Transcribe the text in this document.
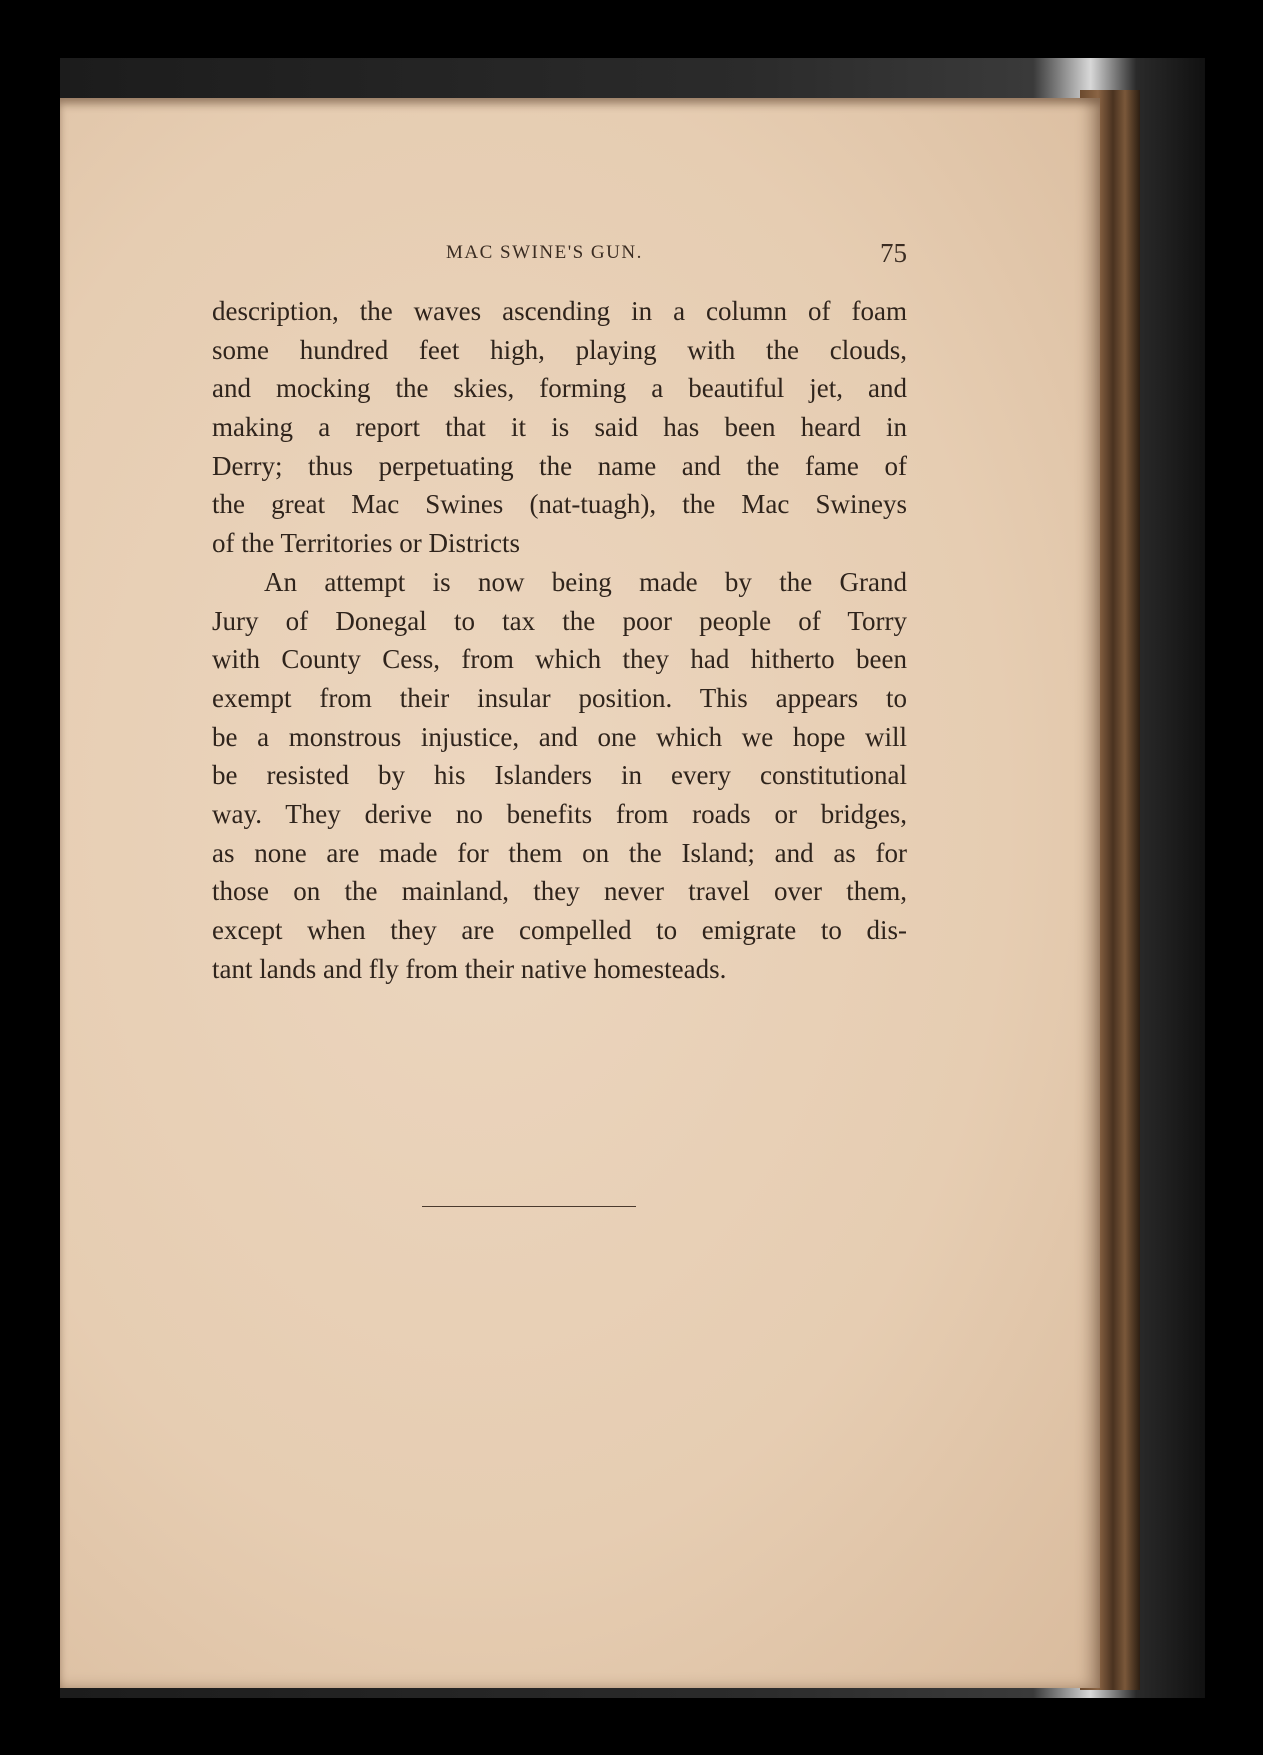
MAC SWINE'S GUN.	75
description, the waves ascending in a column of foam
some hundred feet high, playing with the clouds,
and mocking the skies, forming a beautiful jet, and
making a report that it is said has been heard in
Derry; thus perpetuating the name and the fame of
the great Mac Swines (nat-tuagh), the Mac Swineys
of the Territories or Districts
An attempt is now being made by the Grand
Jury of Donegal to tax the poor people of Torry
with County Cess, from which they had hitherto been
exempt from their insular position. This appears to
be a monstrous injustice, and one which we hope will
be resisted by his Islanders in every constitutional
way. They derive no benefits from roads or bridges,
as none are made for them on the Island; and as for
those on the mainland, they never travel over them,
except when they are compelled to emigrate to dis-
tant lands and fly from their native homesteads.
